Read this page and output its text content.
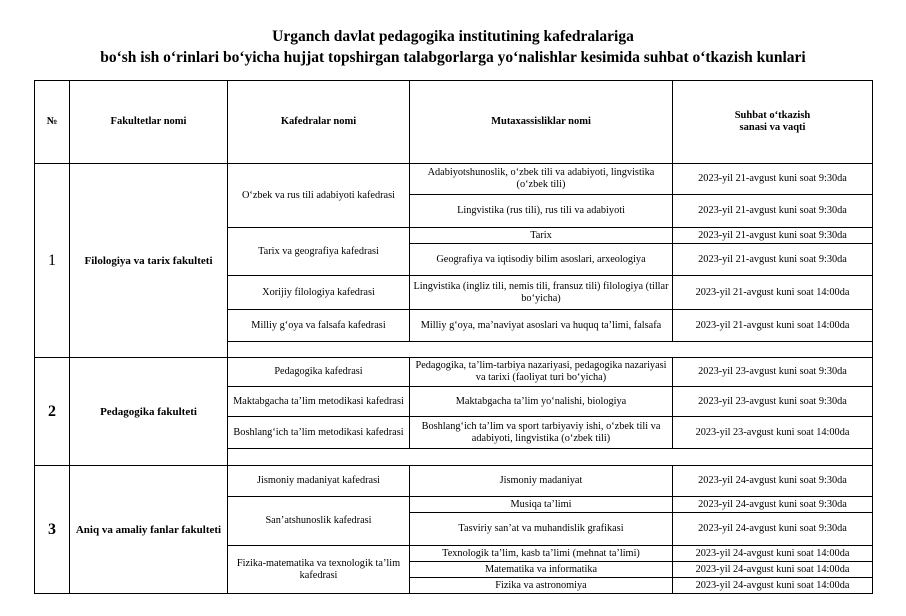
Urganch davlat pedagogika institutining kafedralariga
bo‘sh ish o‘rinlari bo‘yicha hujjat topshirgan talabgorlarga yo‘nalishlar kesimida suhbat o‘tkazish kunlari
№	Fakultetlar nomi	Kafedralar nomi	Mutaxassisliklar nomi	Suhbat o‘tkazish
sanasi va vaqti
1	Filologiya va tarix fakulteti	O‘zbek va rus tili adabiyoti kafedrasi	Adabiyotshunoslik, o‘zbek tili va adabiyoti, lingvistika (o‘zbek tili)	2023-yil 21-avgust kuni soat 9:30da
			Lingvistika (rus tili), rus tili va adabiyoti	2023-yil 21-avgust kuni soat 9:30da
		Tarix va geografiya kafedrasi	Tarix	2023-yil 21-avgust kuni soat 9:30da
			Geografiya va iqtisodiy bilim asoslari, arxeologiya	2023-yil 21-avgust kuni soat 9:30da
		Xorijiy filologiya kafedrasi	Lingvistika (ingliz tili, nemis tili, fransuz tili) filologiya (tillar bo‘yicha)	2023-yil 21-avgust kuni soat 14:00da
		Milliy g‘oya va falsafa kafedrasi	Milliy g‘oya, ma’naviyat asoslari va huquq ta’limi, falsafa	2023-yil 21-avgust kuni soat 14:00da

2	Pedagogika fakulteti	Pedagogika kafedrasi	Pedagogika, ta’lim-tarbiya nazariyasi, pedagogika nazariyasi va tarixi (faoliyat turi bo‘yicha)	2023-yil 23-avgust kuni soat 9:30da
		Maktabgacha ta’lim metodikasi kafedrasi	Maktabgacha ta’lim yo‘nalishi, biologiya	2023-yil 23-avgust kuni soat 9:30da
		Boshlang‘ich ta’lim metodikasi kafedrasi	Boshlang‘ich ta’lim va sport tarbiyaviy ishi, o‘zbek tili va adabiyoti, lingvistika (o‘zbek tili)	2023-yil 23-avgust kuni soat 14:00da

3	Aniq va amaliy fanlar fakulteti	Jismoniy madaniyat kafedrasi	Jismoniy madaniyat	2023-yil 24-avgust kuni soat 9:30da
		San’atshunoslik kafedrasi	Musiqa ta’limi	2023-yil 24-avgust kuni soat 9:30da
			Tasviriy san’at va muhandislik grafikasi	2023-yil 24-avgust kuni soat 9:30da
		Fizika-matematika va texnologik ta’lim kafedrasi	Texnologik ta’lim, kasb ta’limi (mehnat ta’limi)	2023-yil 24-avgust kuni soat 14:00da
			Matematika va informatika	2023-yil 24-avgust kuni soat 14:00da
			Fizika va astronomiya	2023-yil 24-avgust kuni soat 14:00da
